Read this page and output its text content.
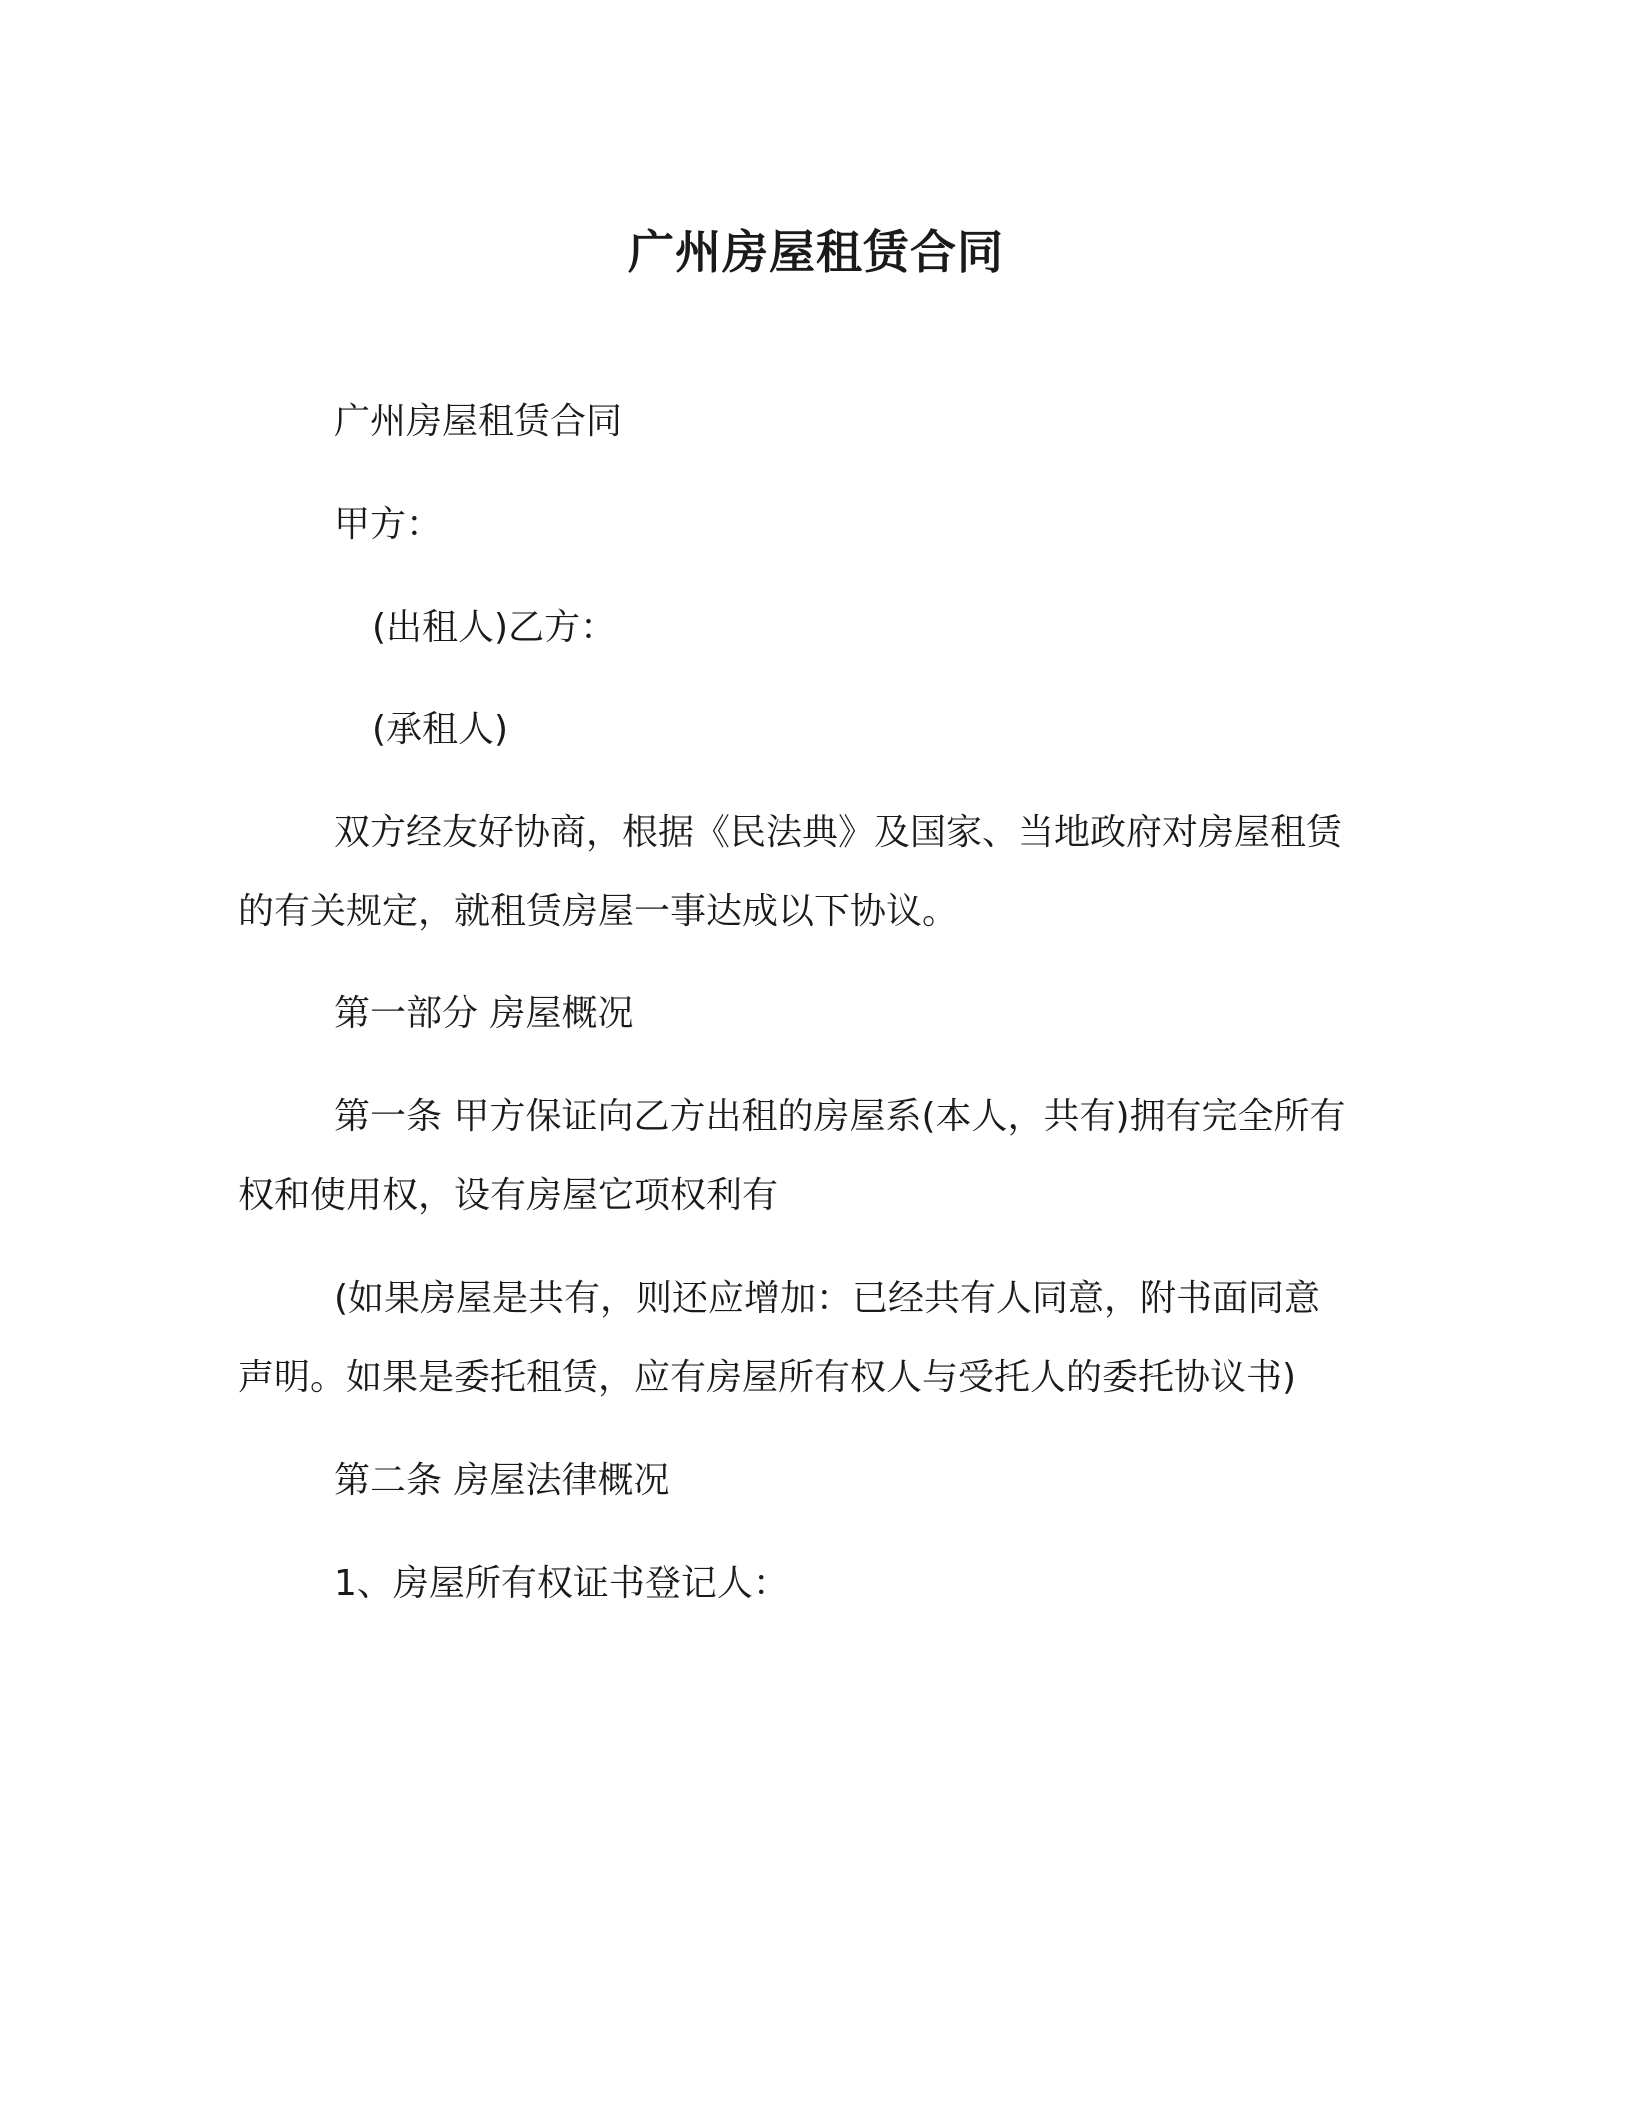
广州房屋租赁合同
广州房屋租赁合同
甲方：
(出租人)乙方：
(承租人)
双方经友好协商，根据《民法典》及国家、当地政府对房屋租赁
的有关规定，就租赁房屋一事达成以下协议。
第一部分 房屋概况
第一条 甲方保证向乙方出租的房屋系(本人，共有)拥有完全所有
权和使用权，设有房屋它项权利有
(如果房屋是共有，则还应增加：已经共有人同意，附书面同意
声明。如果是委托租赁，应有房屋所有权人与受托人的委托协议书)
第二条 房屋法律概况
1、房屋所有权证书登记人：
